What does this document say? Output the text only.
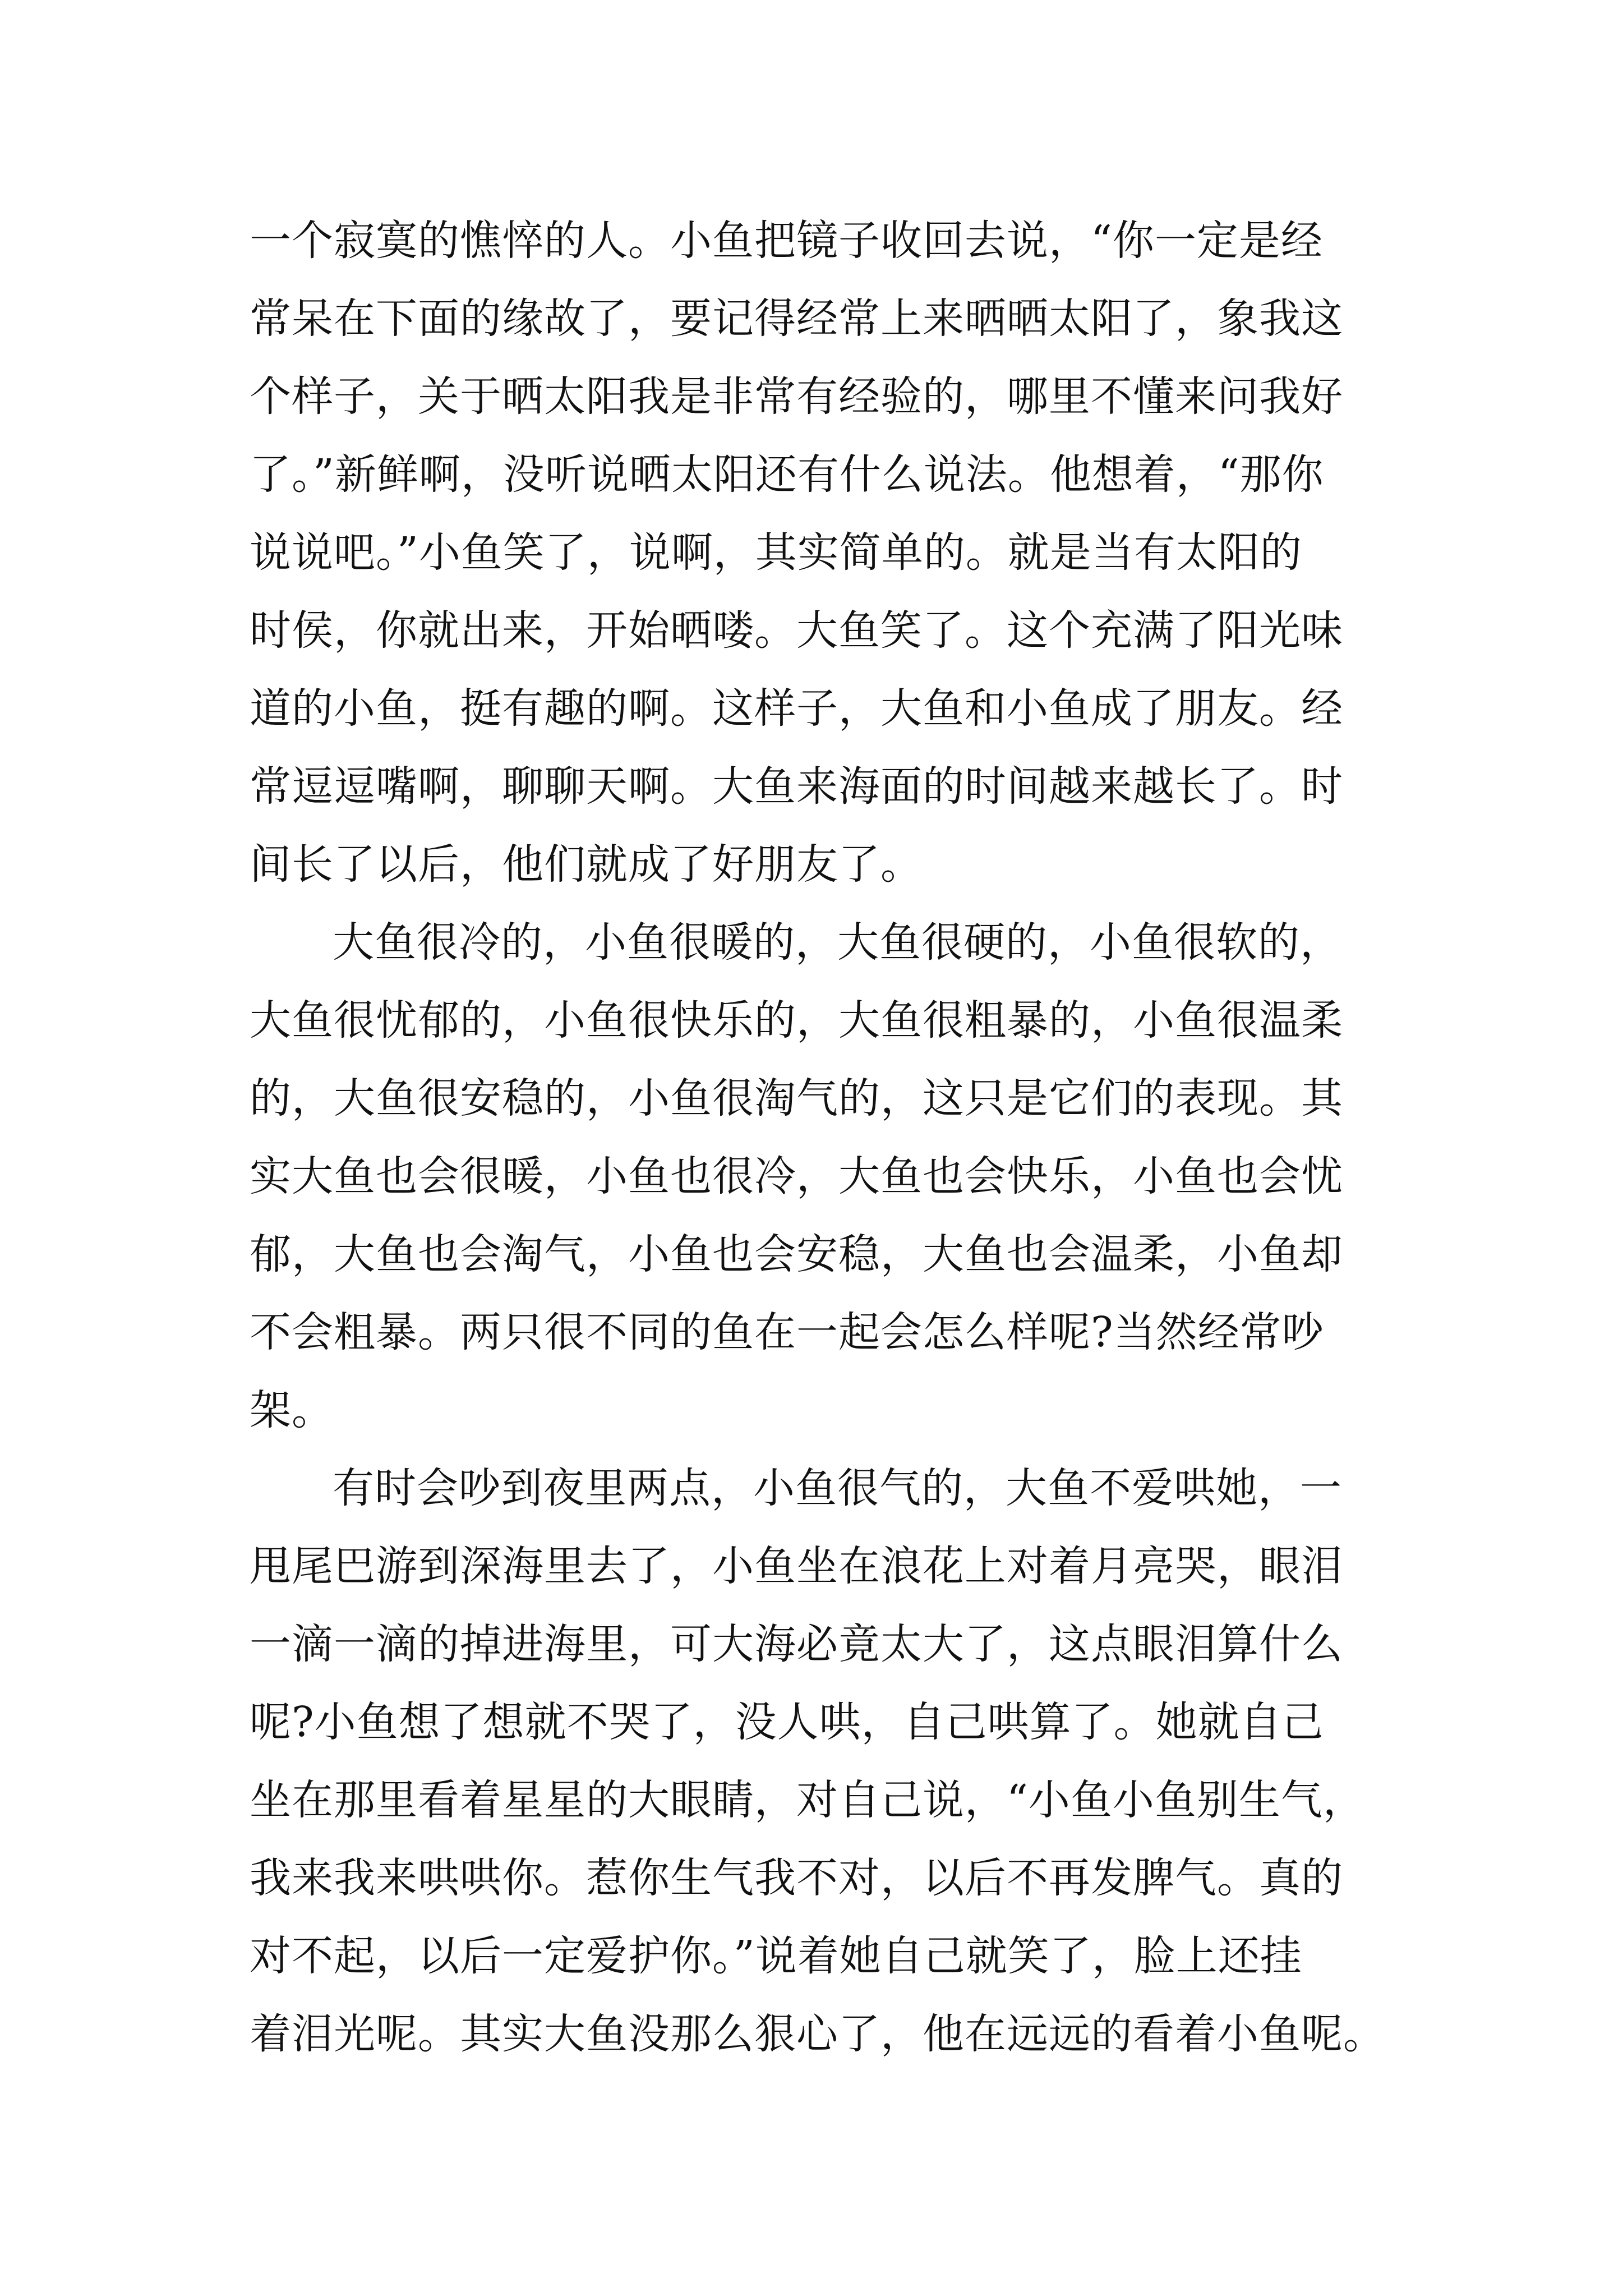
一个寂寞的憔悴的人。小鱼把镜子收回去说，“你一定是经
常呆在下面的缘故了，要记得经常上来晒晒太阳了，象我这
个样子，关于晒太阳我是非常有经验的，哪里不懂来问我好
了。”新鲜啊，没听说晒太阳还有什么说法。他想着，“那你
说说吧。”小鱼笑了，说啊，其实简单的。就是当有太阳的
时侯，你就出来，开始晒喽。大鱼笑了。这个充满了阳光味
道的小鱼，挺有趣的啊。这样子，大鱼和小鱼成了朋友。经
常逗逗嘴啊，聊聊天啊。大鱼来海面的时间越来越长了。时
间长了以后，他们就成了好朋友了。
大鱼很冷的，小鱼很暖的，大鱼很硬的，小鱼很软的，
大鱼很忧郁的，小鱼很快乐的，大鱼很粗暴的，小鱼很温柔
的，大鱼很安稳的，小鱼很淘气的，这只是它们的表现。其
实大鱼也会很暖，小鱼也很冷，大鱼也会快乐，小鱼也会忧
郁，大鱼也会淘气，小鱼也会安稳，大鱼也会温柔，小鱼却
不会粗暴。两只很不同的鱼在一起会怎么样呢?当然经常吵
架。
有时会吵到夜里两点，小鱼很气的，大鱼不爱哄她，一
甩尾巴游到深海里去了，小鱼坐在浪花上对着月亮哭，眼泪
一滴一滴的掉进海里，可大海必竟太大了，这点眼泪算什么
呢?小鱼想了想就不哭了，没人哄，自己哄算了。她就自己
坐在那里看着星星的大眼睛，对自己说，“小鱼小鱼别生气，
我来我来哄哄你。惹你生气我不对，以后不再发脾气。真的
对不起，以后一定爱护你。”说着她自己就笑了，脸上还挂
着泪光呢。其实大鱼没那么狠心了，他在远远的看着小鱼呢。
